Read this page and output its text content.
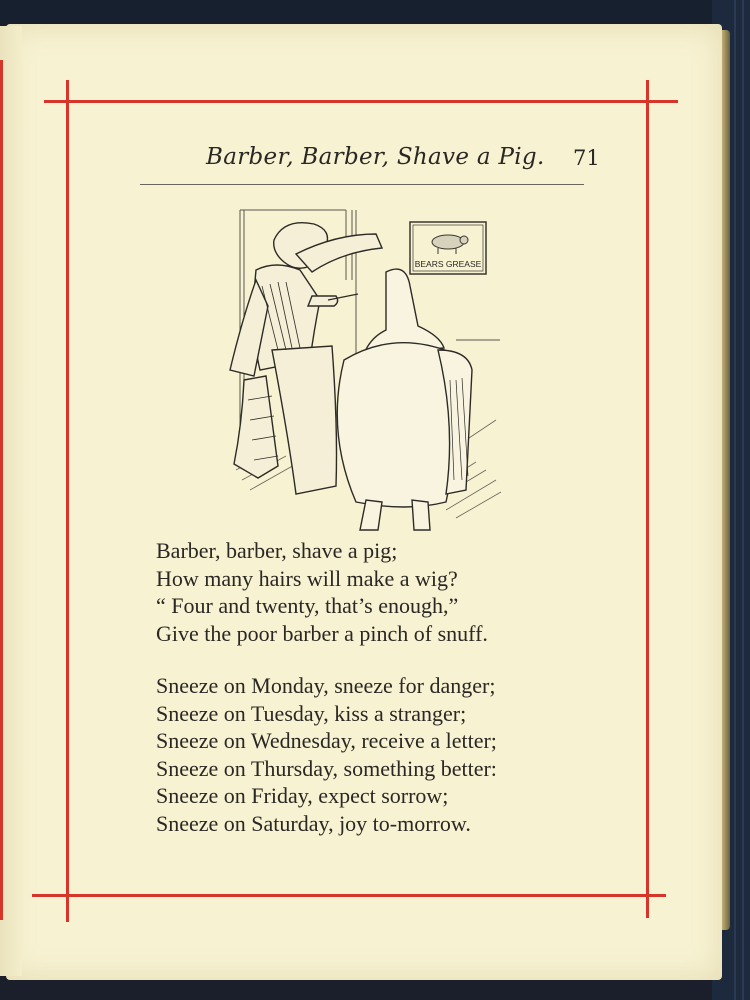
Barber, Barber, Shave a Pig. 71
BEARS GREASE
Barber, barber, shave a pig;
How many hairs will make a wig?
“ Four and twenty, that’s enough,”
Give the poor barber a pinch of snuff.
Sneeze on Monday, sneeze for danger;
Sneeze on Tuesday, kiss a stranger;
Sneeze on Wednesday, receive a letter;
Sneeze on Thursday, something better:
Sneeze on Friday, expect sorrow;
Sneeze on Saturday, joy to-morrow.
